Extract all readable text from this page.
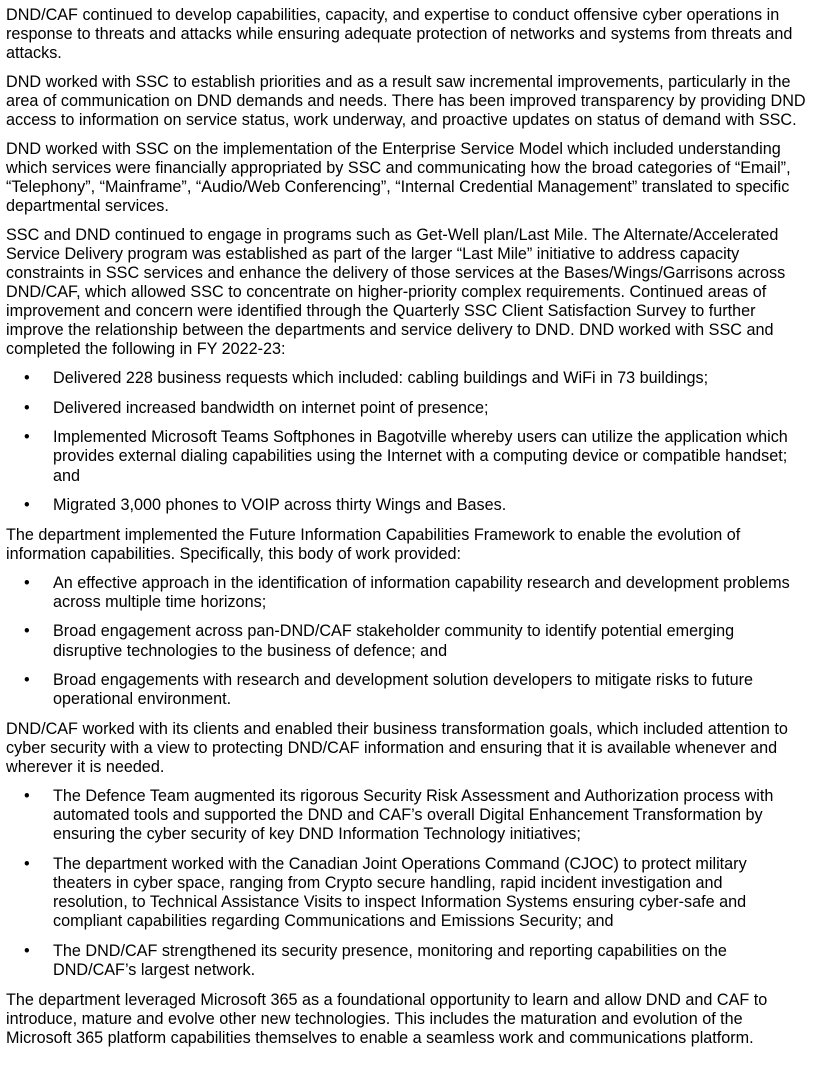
DND/CAF continued to develop capabilities, capacity, and expertise to conduct offensive cyber operations in response to threats and attacks while ensuring adequate protection of networks and systems from threats and attacks.

DND worked with SSC to establish priorities and as a result saw incremental improvements, particularly in the area of communication on DND demands and needs. There has been improved transparency by providing DND access to information on service status, work underway, and proactive updates on status of demand with SSC.

DND worked with SSC on the implementation of the Enterprise Service Model which included understanding which services were financially appropriated by SSC and communicating how the broad categories of “Email”, “Telephony”, “Mainframe”, “Audio/Web Conferencing”, “Internal Credential Management” translated to specific departmental services.

SSC and DND continued to engage in programs such as Get-Well plan/Last Mile. The Alternate/Accelerated Service Delivery program was established as part of the larger “Last Mile” initiative to address capacity constraints in SSC services and enhance the delivery of those services at the Bases/Wings/Garrisons across DND/CAF, which allowed SSC to concentrate on higher-priority complex requirements. Continued areas of improvement and concern were identified through the Quarterly SSC Client Satisfaction Survey to further improve the relationship between the departments and service delivery to DND. DND worked with SSC and completed the following in FY 2022-23:

• Delivered 228 business requests which included: cabling buildings and WiFi in 73 buildings;
• Delivered increased bandwidth on internet point of presence;
• Implemented Microsoft Teams Softphones in Bagotville whereby users can utilize the application which provides external dialing capabilities using the Internet with a computing device or compatible handset; and
• Migrated 3,000 phones to VOIP across thirty Wings and Bases.

The department implemented the Future Information Capabilities Framework to enable the evolution of information capabilities. Specifically, this body of work provided:

• An effective approach in the identification of information capability research and development problems across multiple time horizons;
• Broad engagement across pan-DND/CAF stakeholder community to identify potential emerging disruptive technologies to the business of defence; and
• Broad engagements with research and development solution developers to mitigate risks to future operational environment.

DND/CAF worked with its clients and enabled their business transformation goals, which included attention to cyber security with a view to protecting DND/CAF information and ensuring that it is available whenever and wherever it is needed.

• The Defence Team augmented its rigorous Security Risk Assessment and Authorization process with automated tools and supported the DND and CAF’s overall Digital Enhancement Transformation by ensuring the cyber security of key DND Information Technology initiatives;
• The department worked with the Canadian Joint Operations Command (CJOC) to protect military theaters in cyber space, ranging from Crypto secure handling, rapid incident investigation and resolution, to Technical Assistance Visits to inspect Information Systems ensuring cyber-safe and compliant capabilities regarding Communications and Emissions Security; and
• The DND/CAF strengthened its security presence, monitoring and reporting capabilities on the DND/CAF’s largest network.

The department leveraged Microsoft 365 as a foundational opportunity to learn and allow DND and CAF to introduce, mature and evolve other new technologies. This includes the maturation and evolution of the Microsoft 365 platform capabilities themselves to enable a seamless work and communications platform.
